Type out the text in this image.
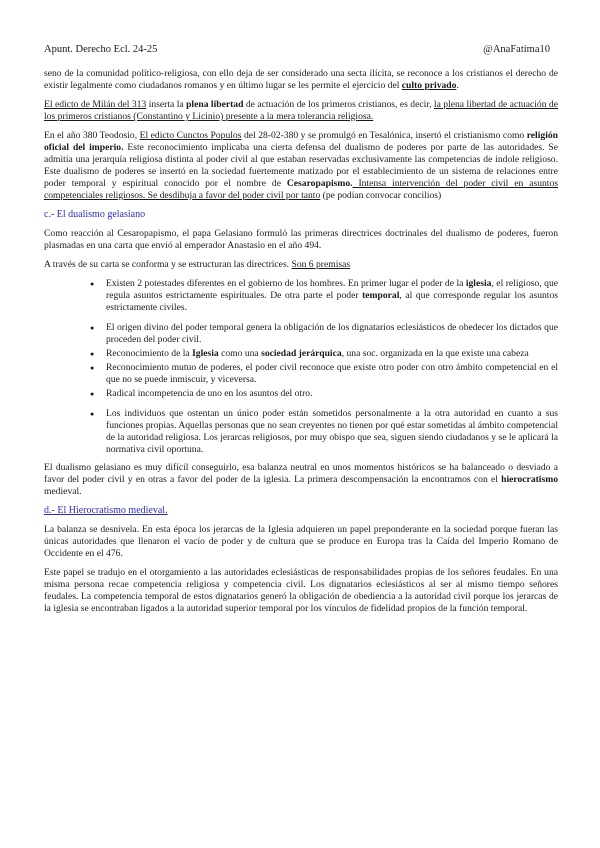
Apunt. Derecho Ecl. 24-25	@AnaFatima10

seno de la comunidad político-religiosa, con ello deja de ser considerado una secta ilícita, se reconoce a los cristianos el derecho de existir legalmente como ciudadanos romanos y en último lugar se les permite el ejercicio del culto privado.

El edicto de Milán del 313 inserta la plena libertad de actuación de los primeros cristianos, es decir, la plena libertad de actuación de los primeros cristianos (Constantino y Licinio) presente a la mera tolerancia religiosa.

En el año 380 Teodosio, El edicto Cunctos Populos del 28-02-380 y se promulgó en Tesalónica, insertó el cristianismo como religión oficial del imperio. Este reconocimiento implicaba una cierta defensa del dualismo de poderes por parte de las autoridades. Se admitía una jerarquía religiosa distinta al poder civil al que estaban reservadas exclusivamente las competencias de índole religioso. Este dualismo de poderes se insertó en la sociedad fuertemente matizado por el establecimiento de un sistema de relaciones entre poder temporal y espiritual conocido por el nombre de Cesaropapismo. Intensa intervención del poder civil en asuntos competenciales religiosos. Se desdibuja a favor del poder civil por tanto (pe podían convocar concilios)

c.- El dualismo gelasiano

Como reacción al Cesaropapismo, el papa Gelasiano formuló las primeras directrices doctrinales del dualismo de poderes, fueron plasmadas en una carta que envió al emperador Anastasio en el año 494.

A través de su carta se conforma y se estructuran las directrices. Son 6 premisas

● Existen 2 potestades diferentes en el gobierno de los hombres. En primer lugar el poder de la iglesia, el religioso, que regula asuntos estrictamente espirituales. De otra parte el poder temporal, al que corresponde regular los asuntos estrictamente civiles.
● El origen divino del poder temporal genera la obligación de los dignatarios eclesiásticos de obedecer los dictados que proceden del poder civil.
● Reconocimiento de la Iglesia como una sociedad jerárquica, una soc. organizada en la que existe una cabeza
● Reconocimiento mutuo de poderes, el poder civil reconoce que existe otro poder con otro ámbito competencial en el que no se puede inmiscuir, y viceversa.
● Radical incompetencia de uno en los asuntos del otro.
● Los individuos que ostentan un único poder están sometidos personalmente a la otra autoridad en cuanto a sus funciones propias. Aquellas personas que no sean creyentes no tienen por qué estar sometidas al ámbito competencial de la autoridad religiosa. Los jerarcas religiosos, por muy obispo que sea, siguen siendo ciudadanos y se le aplicará la normativa civil oportuna.

El dualismo gelasiano es muy difícil conseguirlo, esa balanza neutral en unos momentos históricos se ha balanceado o desviado a favor del poder civil y en otras a favor del poder de la iglesia. La primera descompensación la encontramos con el hierocratismo medieval.

d.- El Hierocratismo medieval.

La balanza se desnivela. En esta época los jerarcas de la Iglesia adquieren un papel preponderante en la sociedad porque fueran las únicas autoridades que llenaron el vacío de poder y de cultura que se produce en Europa tras la Caída del Imperio Romano de Occidente en el 476.

Este papel se tradujo en el otorgamiento a las autoridades eclesiásticas de responsabilidades propias de los señores feudales. En una misma persona recae competencia religiosa y competencia civil. Los dignatarios eclesiásticos al ser al mismo tiempo señores feudales. La competencia temporal de estos dignatarios generó la obligación de obediencia a la autoridad civil porque los jerarcas de la iglesia se encontraban ligados a la autoridad superior temporal por los vínculos de fidelidad propios de la función temporal.
